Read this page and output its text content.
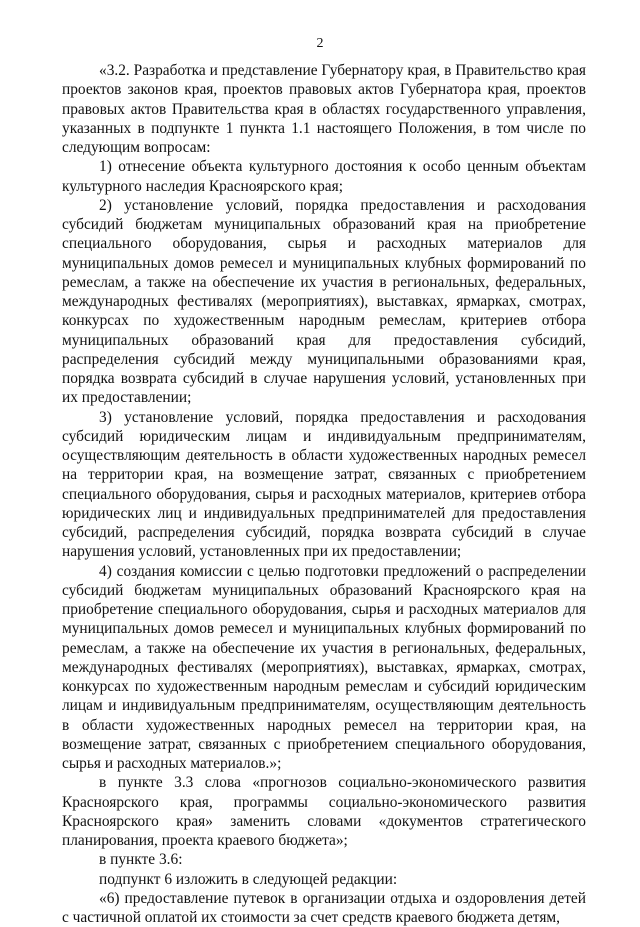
2

«3.2. Разработка и представление Губернатору края, в Правительство края проектов законов края, проектов правовых актов Губернатора края, проектов правовых актов Правительства края в областях государственного управления, указанных в подпункте 1 пункта 1.1 настоящего Положения, в том числе по следующим вопросам:

1) отнесение объекта культурного достояния к особо ценным объектам культурного наследия Красноярского края;

2) установление условий, порядка предоставления и расходования субсидий бюджетам муниципальных образований края на приобретение специального оборудования, сырья и расходных материалов для муниципальных домов ремесел и муниципальных клубных формирований по ремеслам, а также на обеспечение их участия в региональных, федеральных, международных фестивалях (мероприятиях), выставках, ярмарках, смотрах, конкурсах по художественным народным ремеслам, критериев отбора муниципальных образований края для предоставления субсидий, распределения субсидий между муниципальными образованиями края, порядка возврата субсидий в случае нарушения условий, установленных при их предоставлении;

3) установление условий, порядка предоставления и расходования субсидий юридическим лицам и индивидуальным предпринимателям, осуществляющим деятельность в области художественных народных ремесел на территории края, на возмещение затрат, связанных с приобретением специального оборудования, сырья и расходных материалов, критериев отбора юридических лиц и индивидуальных предпринимателей для предоставления субсидий, распределения субсидий, порядка возврата субсидий в случае нарушения условий, установленных при их предоставлении;

4) создания комиссии с целью подготовки предложений о распределении субсидий бюджетам муниципальных образований Красноярского края на приобретение специального оборудования, сырья и расходных материалов для муниципальных домов ремесел и муниципальных клубных формирований по ремеслам, а также на обеспечение их участия в региональных, федеральных, международных фестивалях (мероприятиях), выставках, ярмарках, смотрах, конкурсах по художественным народным ремеслам и субсидий юридическим лицам и индивидуальным предпринимателям, осуществляющим деятельность в области художественных народных ремесел на территории края, на возмещение затрат, связанных с приобретением специального оборудования, сырья и расходных материалов.»;

в пункте 3.3 слова «прогнозов социально-экономического развития Красноярского края, программы социально-экономического развития Красноярского края» заменить словами «документов стратегического планирования, проекта краевого бюджета»;

в пункте 3.6:

подпункт 6 изложить в следующей редакции:

«6) предоставление путевок в организации отдыха и оздоровления детей с частичной оплатой их стоимости за счет средств краевого бюджета детям,
